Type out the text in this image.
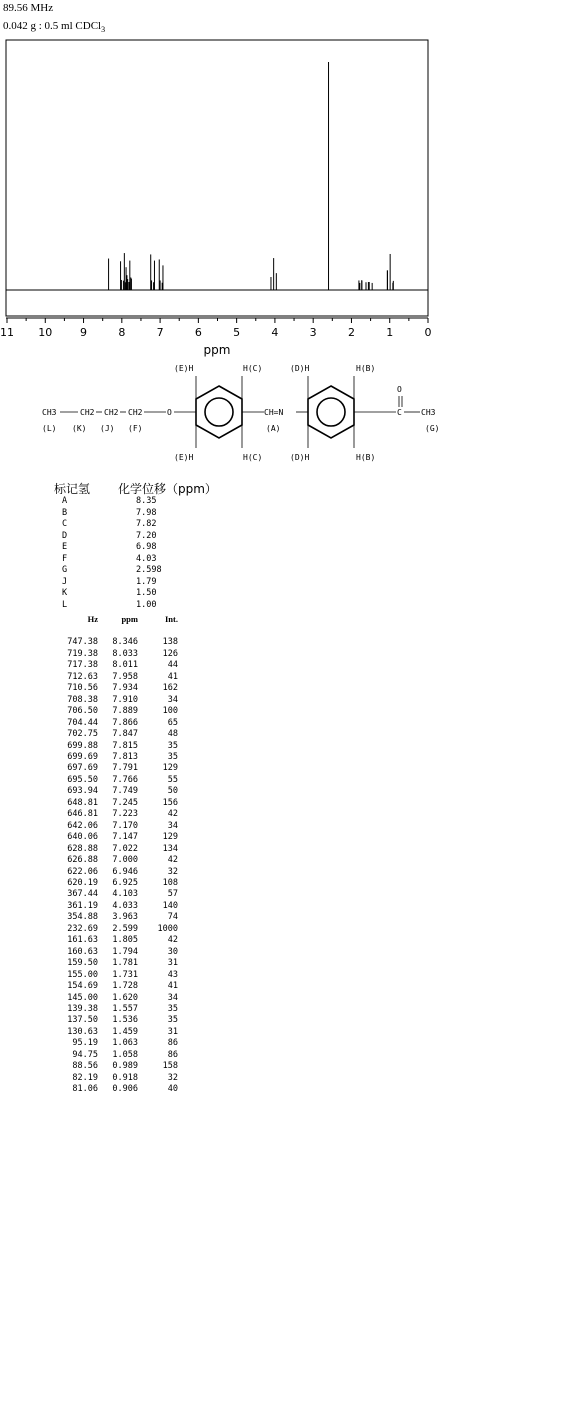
89.56 MHz
0.042 g : 0.5 ml CDCl$_3$
11 10	9	8	7	6	5	4	3	2	1	0
ppm
CH3	CH2 CH2 CH2
(L) (K) (J) (F)
O
(E)H	H(C)
(E)H	H(C)
CH=N
(A)
(D)H	H(B)
(D)H	H(B)
O
C CH3
(G)
标记氢 化学位移（ppm）
A	8.35
B	7.98
C	7.82
D	7.20
E	6.98
F	4.03
G	2.598
J	1.79
K	1.50
L	1.00
Hz	ppm	Int.

747.38	8.346	138
719.38	8.033	126
717.38	8.011	44
712.63	7.958	41
710.56	7.934	162
708.38	7.910	34
706.50	7.889	100
704.44	7.866	65
702.75	7.847	48
699.88	7.815	35
699.69	7.813	35
697.69	7.791	129
695.50	7.766	55
693.94	7.749	50
648.81	7.245	156
646.81	7.223	42
642.06	7.170	34
640.06	7.147	129
628.88	7.022	134
626.88	7.000	42
622.06	6.946	32
620.19	6.925	108
367.44	4.103	57
361.19	4.033	140
354.88	3.963	74
232.69	2.599	1000
161.63	1.805	42
160.63	1.794	30
159.50	1.781	31
155.00	1.731	43
154.69	1.728	41
145.00	1.620	34
139.38	1.557	35
137.50	1.536	35
130.63	1.459	31
95.19	1.063	86
94.75	1.058	86
88.56	0.989	158
82.19	0.918	32
81.06	0.906	40
